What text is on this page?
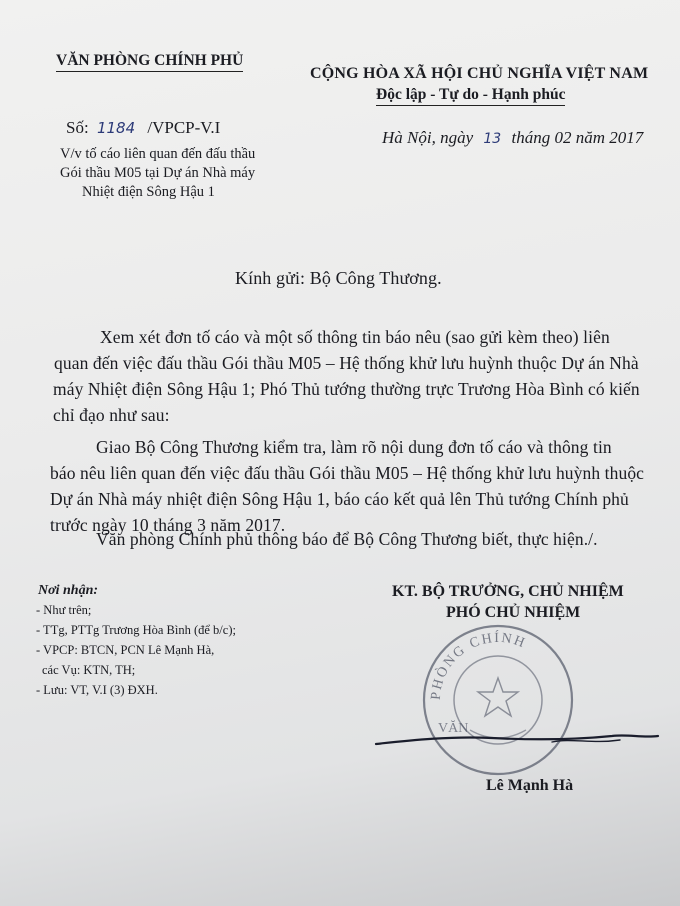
VĂN PHÒNG CHÍNH PHỦ
CỘNG HÒA XÃ HỘI CHỦ NGHĨA VIỆT NAM
Độc lập - Tự do - Hạnh phúc
Số: 1184 /VPCP-V.I
Hà Nội, ngày 13 tháng 02 năm 2017
V/v tố cáo liên quan đến đấu thầu
Gói thầu M05 tại Dự án Nhà máy
Nhiệt điện Sông Hậu 1
Kính gửi: Bộ Công Thương.
Xem xét đơn tố cáo và một số thông tin báo nêu (sao gửi kèm theo) liên
quan đến việc đấu thầu Gói thầu M05 – Hệ thống khử lưu huỳnh thuộc Dự án Nhà
máy Nhiệt điện Sông Hậu 1; Phó Thủ tướng thường trực Trương Hòa Bình có kiến
chỉ đạo như sau:
Giao Bộ Công Thương kiểm tra, làm rõ nội dung đơn tố cáo và thông tin
báo nêu liên quan đến việc đấu thầu Gói thầu M05 – Hệ thống khử lưu huỳnh thuộc
Dự án Nhà máy nhiệt điện Sông Hậu 1, báo cáo kết quả lên Thủ tướng Chính phủ
trước ngày 10 tháng 3 năm 2017.
Văn phòng Chính phủ thông báo để Bộ Công Thương biết, thực hiện./.
Nơi nhận:
- Như trên;
- TTg, PTTg Trương Hòa Bình (để b/c);
- VPCP: BTCN, PCN Lê Mạnh Hà,
các Vụ: KTN, TH;
- Lưu: VT, V.I (3) ĐXH.
KT. BỘ TRƯỞNG, CHỦ NHIỆM
PHÓ CHỦ NHIỆM
PHÒNG CHÍNH
VĂN
Lê Mạnh Hà
